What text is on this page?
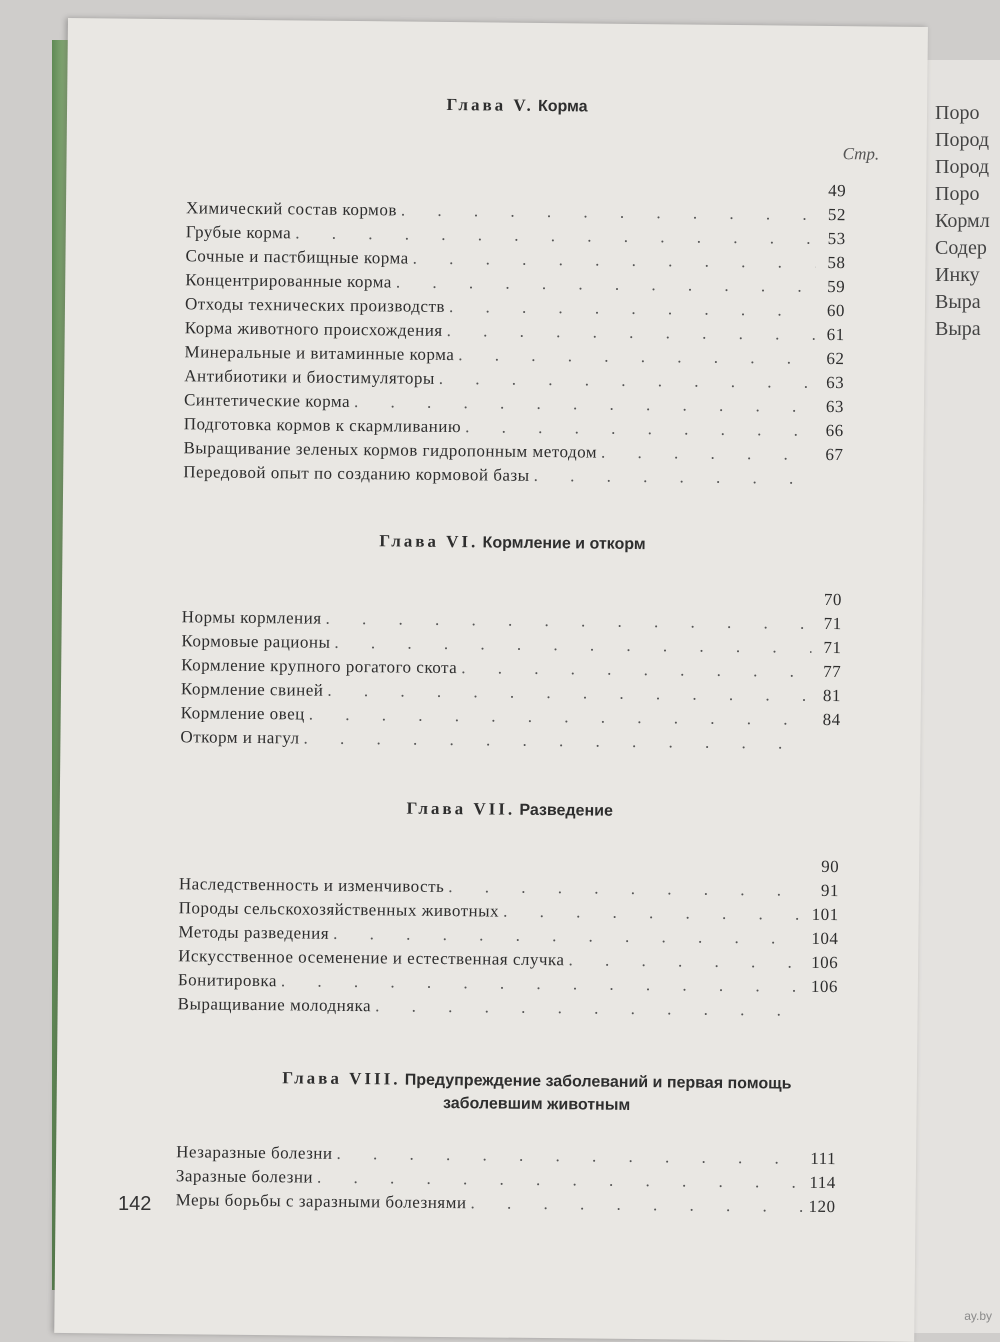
Поро
Пород
Пород
Поро
Кормл
Содер
Инку
Выра
Выра
Стр.
Глава V. Корма
49
Химический состав кормов . . .	52
Грубые корма . . .	53
Сочные и пастбищные корма . . .	58
Концентрированные корма . . .	59
Отходы технических производств . . .	60
Корма животного происхождения . . .	61
Минеральные и витаминные корма . . .	62
Антибиотики и биостимуляторы . . .	63
Синтетические корма . . .	63
Подготовка кормов к скармливанию . . .	66
Выращивание зеленых кормов гидропонным методом . . .	67
Передовой опыт по созданию кормовой базы
. . .
Глава VI. Кормление и откорм
70
Нормы кормления . . .	71
Кормовые рационы . . .	71
Кормление крупного рогатого скота . . .	77
Кормление свиней . . .	81
Кормление овец . . .	84
Откорм и нагул
. . .
Глава VII. Разведение
90
Наследственность и изменчивость . . .	91
Породы сельскохозяйственных животных . . .	101
Методы разведения . . .	104
Искусственное осеменение и естественная случка . . .	106
Бонитировка . . .	106
Выращивание молодняка
. . .
Глава VIII. Предупреждение заболеваний и первая помощь
заболевшим животным
Незаразные болезни . . .	111
Заразные болезни . . .	114
Меры борьбы с заразными болезнями . . .	120
142
ay.by
